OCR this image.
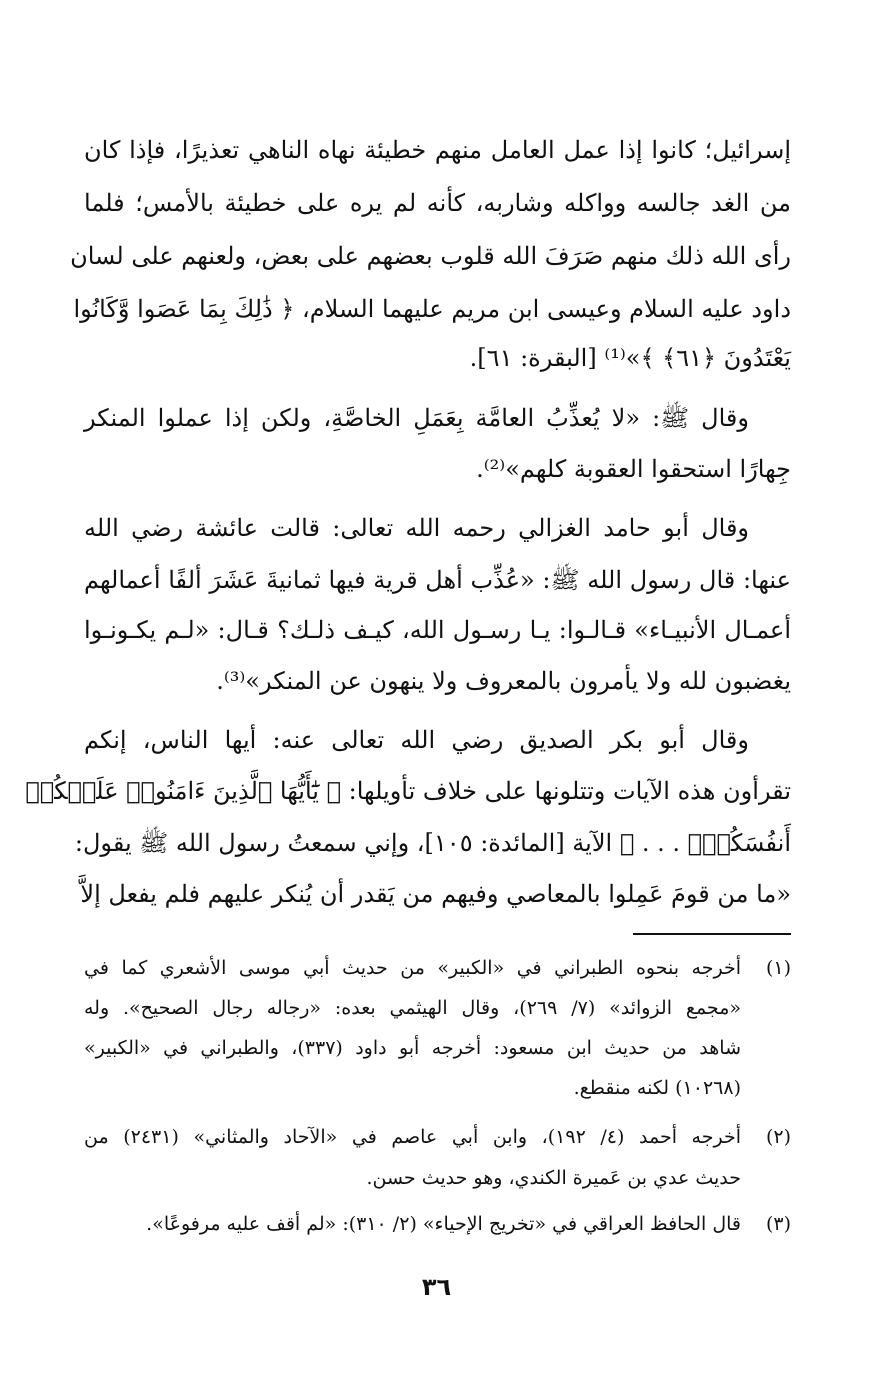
إسرائيل؛ كانوا إذا عمل العامل منهم خطيئة نهاه الناهي تعذيرًا، فإذا كان
من الغد جالسه وواكله وشاربه، كأنه لم يره على خطيئة بالأمس؛ فلما
رأى الله ذلك منهم صَرَفَ الله قلوب بعضهم على بعض، ولعنهم على لسان
داود عليه السلام وعيسى ابن مريم عليهما السلام، ﴿ ذَٰلِكَ بِمَا عَصَوا وَّكَانُوا
يَعْتَدُونَ ﴿٦١﴾ ﴾»⁽¹⁾ [البقرة: ٦١].
وقال ﷺ: «لا يُعذِّبُ العامَّة بِعَمَلِ الخاصَّةِ، ولكن إذا عملوا المنكر
جِهارًا استحقوا العقوبة كلهم»⁽²⁾.
وقال أبو حامد الغزالي رحمه الله تعالى: قالت عائشة رضي الله
عنها: قال رسول الله ﷺ: «عُذِّب أهل قرية فيها ثمانيةَ عَشَرَ ألفًا أعمالهم
أعمـال الأنبيـاء» قـالـوا: يـا رسـول الله، كيـف ذلـك؟ قـال: «لـم يكـونـوا
يغضبون لله ولا يأمرون بالمعروف ولا ينهون عن المنكر»⁽³⁾.
وقال أبو بكر الصديق رضي الله تعالى عنه: أيها الناس، إنكم
تقرأون هذه الآيات وتتلونها على خلاف تأويلها: ﴿ يَٰٓأَيُّهَا ٱلَّذِينَ ءَامَنُوا۟ عَلَيۡكُمۡ
أَنفُسَكُمۡۖ . . . ﴾ الآية [المائدة: ١٠٥]، وإني سمعتُ رسول الله ﷺ يقول:
«ما من قومَ عَمِلوا بالمعاصي وفيهم من يَقدر أن يُنكر عليهم فلم يفعل إلاَّ
(١)
أخرجه بنحوه الطبراني في «الكبير» من حديث أبي موسى الأشعري كما في
«مجمع الزوائد» (٧/ ٢٦٩)، وقال الهيثمي بعده: «رجاله رجال الصحيح». وله
شاهد من حديث ابن مسعود: أخرجه أبو داود (٣٣٧)، والطبراني في «الكبير»
(١٠٢٦٨) لكنه منقطع.
(٢)
أخرجه أحمد (٤/ ١٩٢)، وابن أبي عاصم في «الآحاد والمثاني» (٢٤٣١) من
حديث عدي بن عَميرة الكندي، وهو حديث حسن.
(٣)
قال الحافظ العراقي في «تخريج الإحياء» (٢/ ٣١٠): «لم أقف عليه مرفوعًا».
٣٦
